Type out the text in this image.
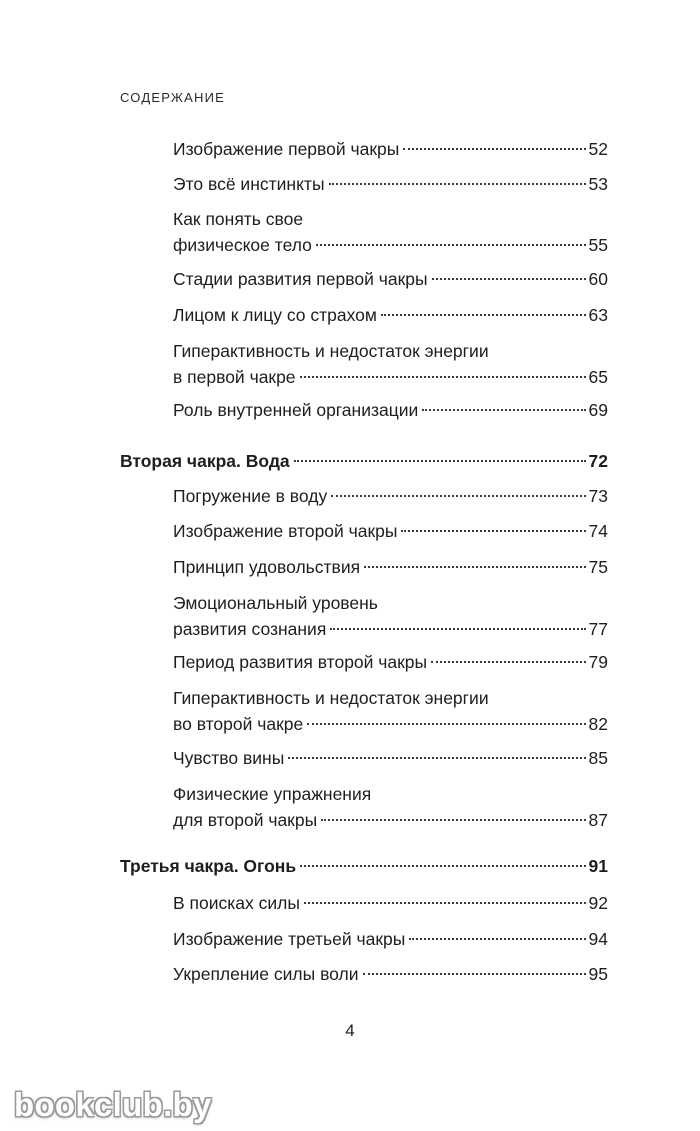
СОДЕРЖАНИЕ
Изображение первой чакры	52
Это всё инстинкты	53
Как понять свое
физическое тело	55
Стадии развития первой чакры	60
Лицом к лицу со страхом	63
Гиперактивность и недостаток энергии
в первой чакре	65
Роль внутренней организации	69
Вторая чакра. Вода	72
Погружение в воду	73
Изображение второй чакры	74
Принцип удовольствия	75
Эмоциональный уровень
развития сознания	77
Период развития второй чакры	79
Гиперактивность и недостаток энергии
во второй чакре	82
Чувство вины	85
Физические упражнения
для второй чакры	87
Третья чакра. Огонь	91
В поисках силы	92
Изображение третьей чакры	94
Укрепление силы воли	95
4
bookclub.by
